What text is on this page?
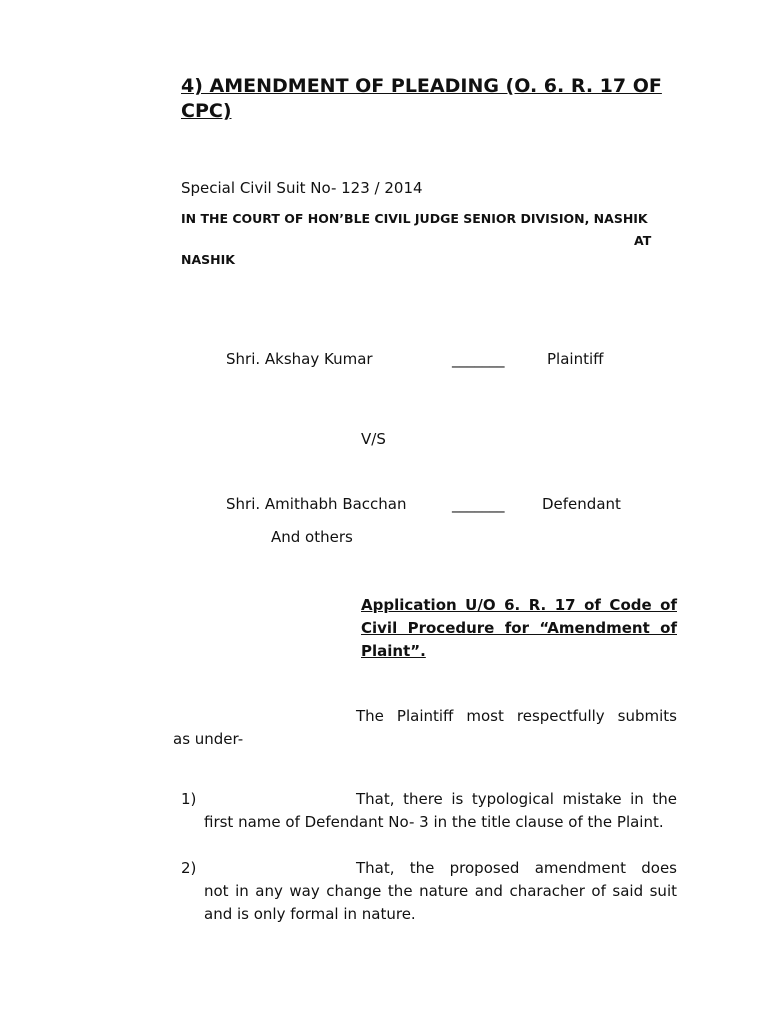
4) AMENDMENT OF PLEADING (O. 6. R. 17 OF CPC)
Special Civil Suit No- 123 / 2014
IN THE COURT OF HON’BLE CIVIL JUDGE SENIOR DIVISION, NASHIK
AT
NASHIK
Shri. Akshay Kumar	_______	Plaintiff
V/S
Shri. Amithabh Bacchan	_______	Defendant
And others
Application U/O 6. R. 17 of Code of Civil Procedure for “Amendment of Plaint”.
The Plaintiff most respectfully submits
as under-
1)	That, there is typological mistake in the
first name of Defendant No- 3 in the title clause of the Plaint.
2)	That, the proposed amendment does
not in any way change the nature and characher of said suit and is only formal in nature.
